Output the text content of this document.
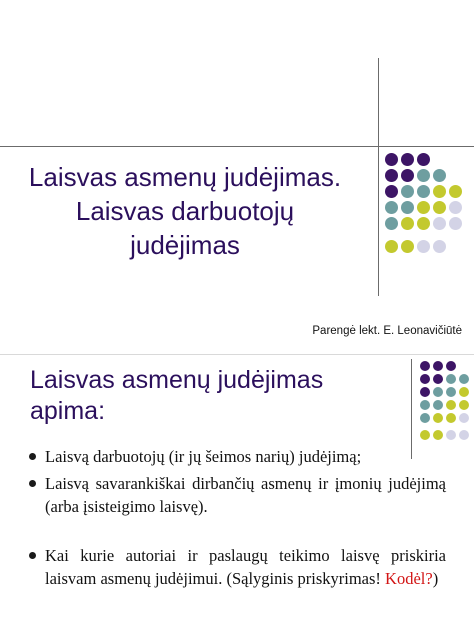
Laisvas asmenų judėjimas. Laisvas darbuotojų judėjimas
Parengė lekt. E. Leonavičiūtė
Laisvas asmenų judėjimas apima:
Laisvą darbuotojų (ir jų šeimos narių) judėjimą;
Laisvą savarankiškai dirbančių asmenų ir įmonių judėjimą (arba įsisteigimo laisvę).
Kai kurie autoriai ir paslaugų teikimo laisvę priskiria laisvam asmenų judėjimui. (Sąlyginis priskyrimas! Kodėl?)
